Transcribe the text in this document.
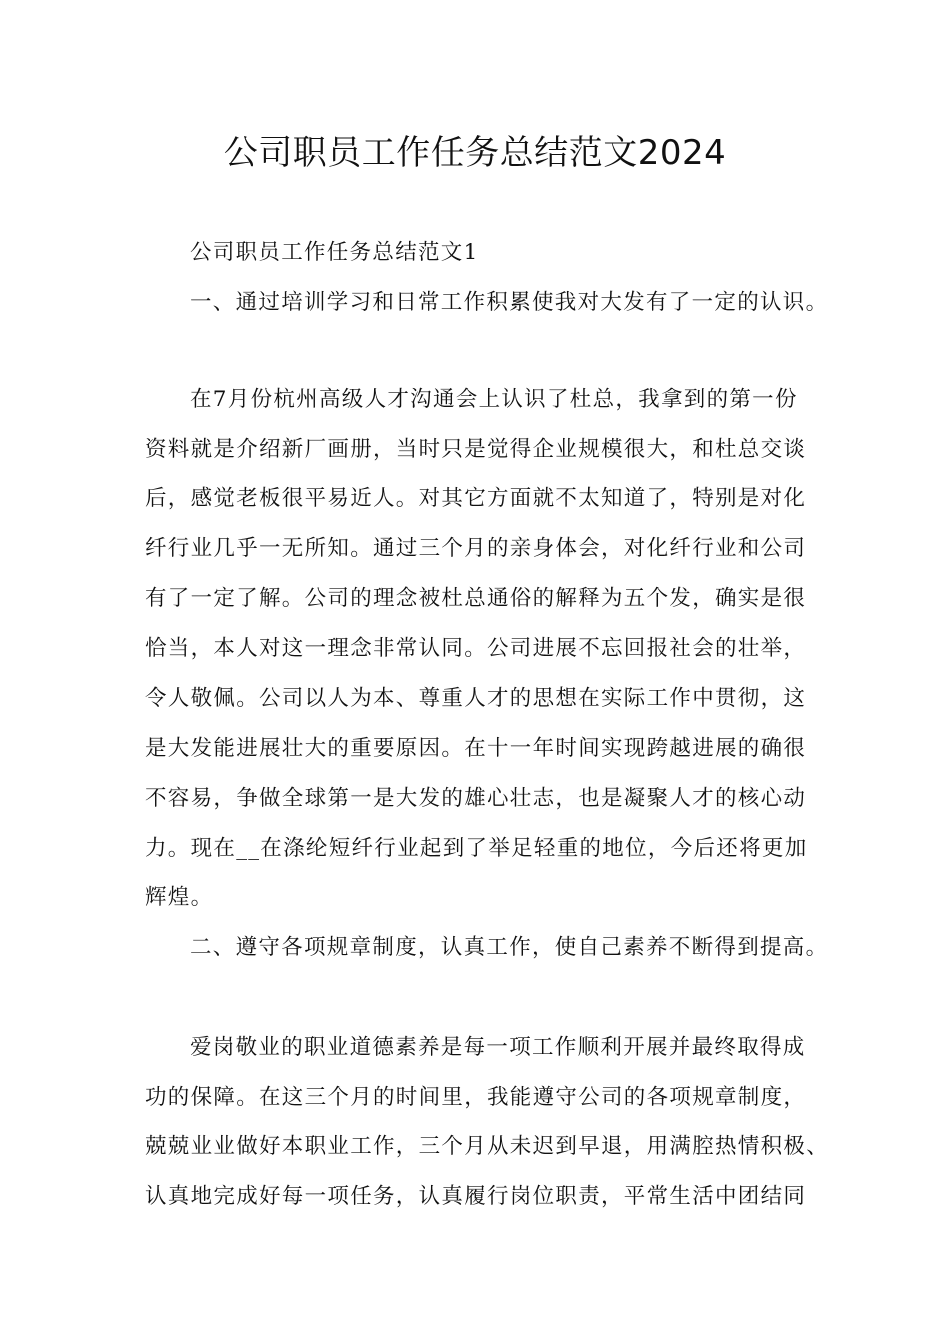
公司职员工作任务总结范文2024

公司职员工作任务总结范文1

一、通过培训学习和日常工作积累使我对大发有了一定的认识。

在7月份杭州高级人才沟通会上认识了杜总，我拿到的第一份

资料就是介绍新厂画册，当时只是觉得企业规模很大，和杜总交谈

后，感觉老板很平易近人。对其它方面就不太知道了，特别是对化

纤行业几乎一无所知。通过三个月的亲身体会，对化纤行业和公司

有了一定了解。公司的理念被杜总通俗的解释为五个发，确实是很

恰当，本人对这一理念非常认同。公司进展不忘回报社会的壮举，

令人敬佩。公司以人为本、尊重人才的思想在实际工作中贯彻，这

是大发能进展壮大的重要原因。在十一年时间实现跨越进展的确很

不容易，争做全球第一是大发的雄心壮志，也是凝聚人才的核心动

力。现在__在涤纶短纤行业起到了举足轻重的地位，今后还将更加

辉煌。

二、遵守各项规章制度，认真工作，使自己素养不断得到提高。

爱岗敬业的职业道德素养是每一项工作顺利开展并最终取得成

功的保障。在这三个月的时间里，我能遵守公司的各项规章制度，

兢兢业业做好本职业工作，三个月从未迟到早退，用满腔热情积极、

认真地完成好每一项任务，认真履行岗位职责，平常生活中团结同
